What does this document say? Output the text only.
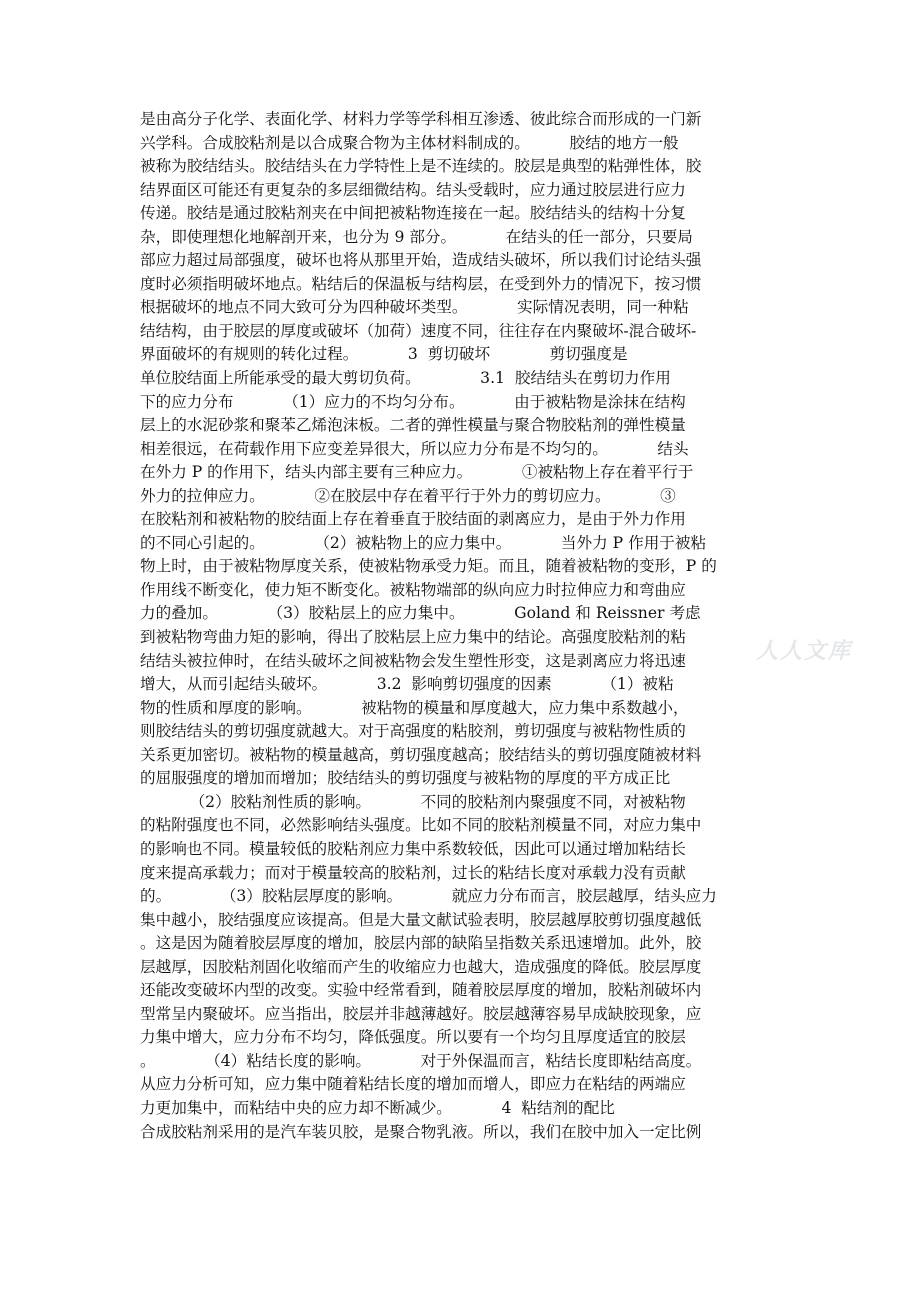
是由高分子化学、表面化学、材料力学等学科相互渗透、彼此综合而形成的一门新
兴学科。合成胶粘剂是以合成聚合物为主体材料制成的。        胶结的地方一般
被称为胶结结头。胶结结头在力学特性上是不连续的。胶层是典型的粘弹性体，胶
结界面区可能还有更复杂的多层细微结构。结头受载时，应力通过胶层进行应力
传递。胶结是通过胶粘剂夹在中间把被粘物连接在一起。胶结结头的结构十分复
杂，即使理想化地解剖开来，也分为 9 部分。          在结头的任一部分，只要局
部应力超过局部强度，破坏也将从那里开始，造成结头破坏，所以我们讨论结头强
度时必须指明破坏地点。粘结后的保温板与结构层，在受到外力的情况下，按习惯
根据破坏的地点不同大致可分为四种破坏类型。          实际情况表明，同一种粘
结结构，由于胶层的厚度或破坏（加荷）速度不同，往往存在内聚破坏-混合破坏-
界面破坏的有规则的转化过程。          3  剪切破坏            剪切强度是
单位胶结面上所能承受的最大剪切负荷。            3.1  胶结结头在剪切力作用
下的应力分布          （1）应力的不均匀分布。          由于被粘物是涂抹在结构
层上的水泥砂浆和聚苯乙烯泡沫板。二者的弹性模量与聚合物胶粘剂的弹性模量
相差很远，在荷载作用下应变差异很大，所以应力分布是不均匀的。          结头
在外力 P 的作用下，结头内部主要有三种应力。          ①被粘物上存在着平行于
外力的拉伸应力。          ②在胶层中存在着平行于外力的剪切应力。          ③
在胶粘剂和被粘物的胶结面上存在着垂直于胶结面的剥离应力，是由于外力作用
的不同心引起的。          （2）被粘物上的应力集中。          当外力 P 作用于被粘
物上时，由于被粘物厚度关系，使被粘物承受力矩。而且，随着被粘物的变形，P 的
作用线不断变化，使力矩不断变化。被粘物端部的纵向应力时拉伸应力和弯曲应
力的叠加。          （3）胶粘层上的应力集中。          Goland 和 Reissner 考虑
到被粘物弯曲力矩的影响，得出了胶粘层上应力集中的结论。高强度胶粘剂的粘
结结头被拉伸时，在结头破坏之间被粘物会发生塑性形变，这是剥离应力将迅速
增大，从而引起结头破坏。          3.2  影响剪切强度的因素          （1）被粘
物的性质和厚度的影响。          被粘物的模量和厚度越大，应力集中系数越小，
则胶结结头的剪切强度就越大。对于高强度的粘胶剂，剪切强度与被粘物性质的
关系更加密切。被粘物的模量越高，剪切强度越高；胶结结头的剪切强度随被材料
的屈服强度的增加而增加；胶结结头的剪切强度与被粘物的厚度的平方成正比
（2）胶粘剂性质的影响。          不同的胶粘剂内聚强度不同，对被粘物
的粘附强度也不同，必然影响结头强度。比如不同的胶粘剂模量不同，对应力集中
的影响也不同。模量较低的胶粘剂应力集中系数较低，因此可以通过增加粘结长
度来提高承载力；而对于模量较高的胶粘剂，过长的粘结长度对承载力没有贡献
的。          （3）胶粘层厚度的影响。          就应力分布而言，胶层越厚，结头应力
集中越小，胶结强度应该提高。但是大量文献试验表明，胶层越厚胶剪切强度越低
。这是因为随着胶层厚度的增加，胶层内部的缺陷呈指数关系迅速增加。此外，胶
层越厚，因胶粘剂固化收缩而产生的收缩应力也越大，造成强度的降低。胶层厚度
还能改变破坏内型的改变。实验中经常看到，随着胶层厚度的增加，胶粘剂破坏内
型常呈内聚破坏。应当指出，胶层并非越薄越好。胶层越薄容易早成缺胶现象，应
力集中增大，应力分布不均匀，降低强度。所以要有一个均匀且厚度适宜的胶层
。          （4）粘结长度的影响。          对于外保温而言，粘结长度即粘结高度。
从应力分析可知，应力集中随着粘结长度的增加而增人，即应力在粘结的两端应
力更加集中，而粘结中央的应力却不断减少。          4  粘结剂的配比
合成胶粘剂采用的是汽车装贝胶，是聚合物乳液。所以，我们在胶中加入一定比例
人人文库
